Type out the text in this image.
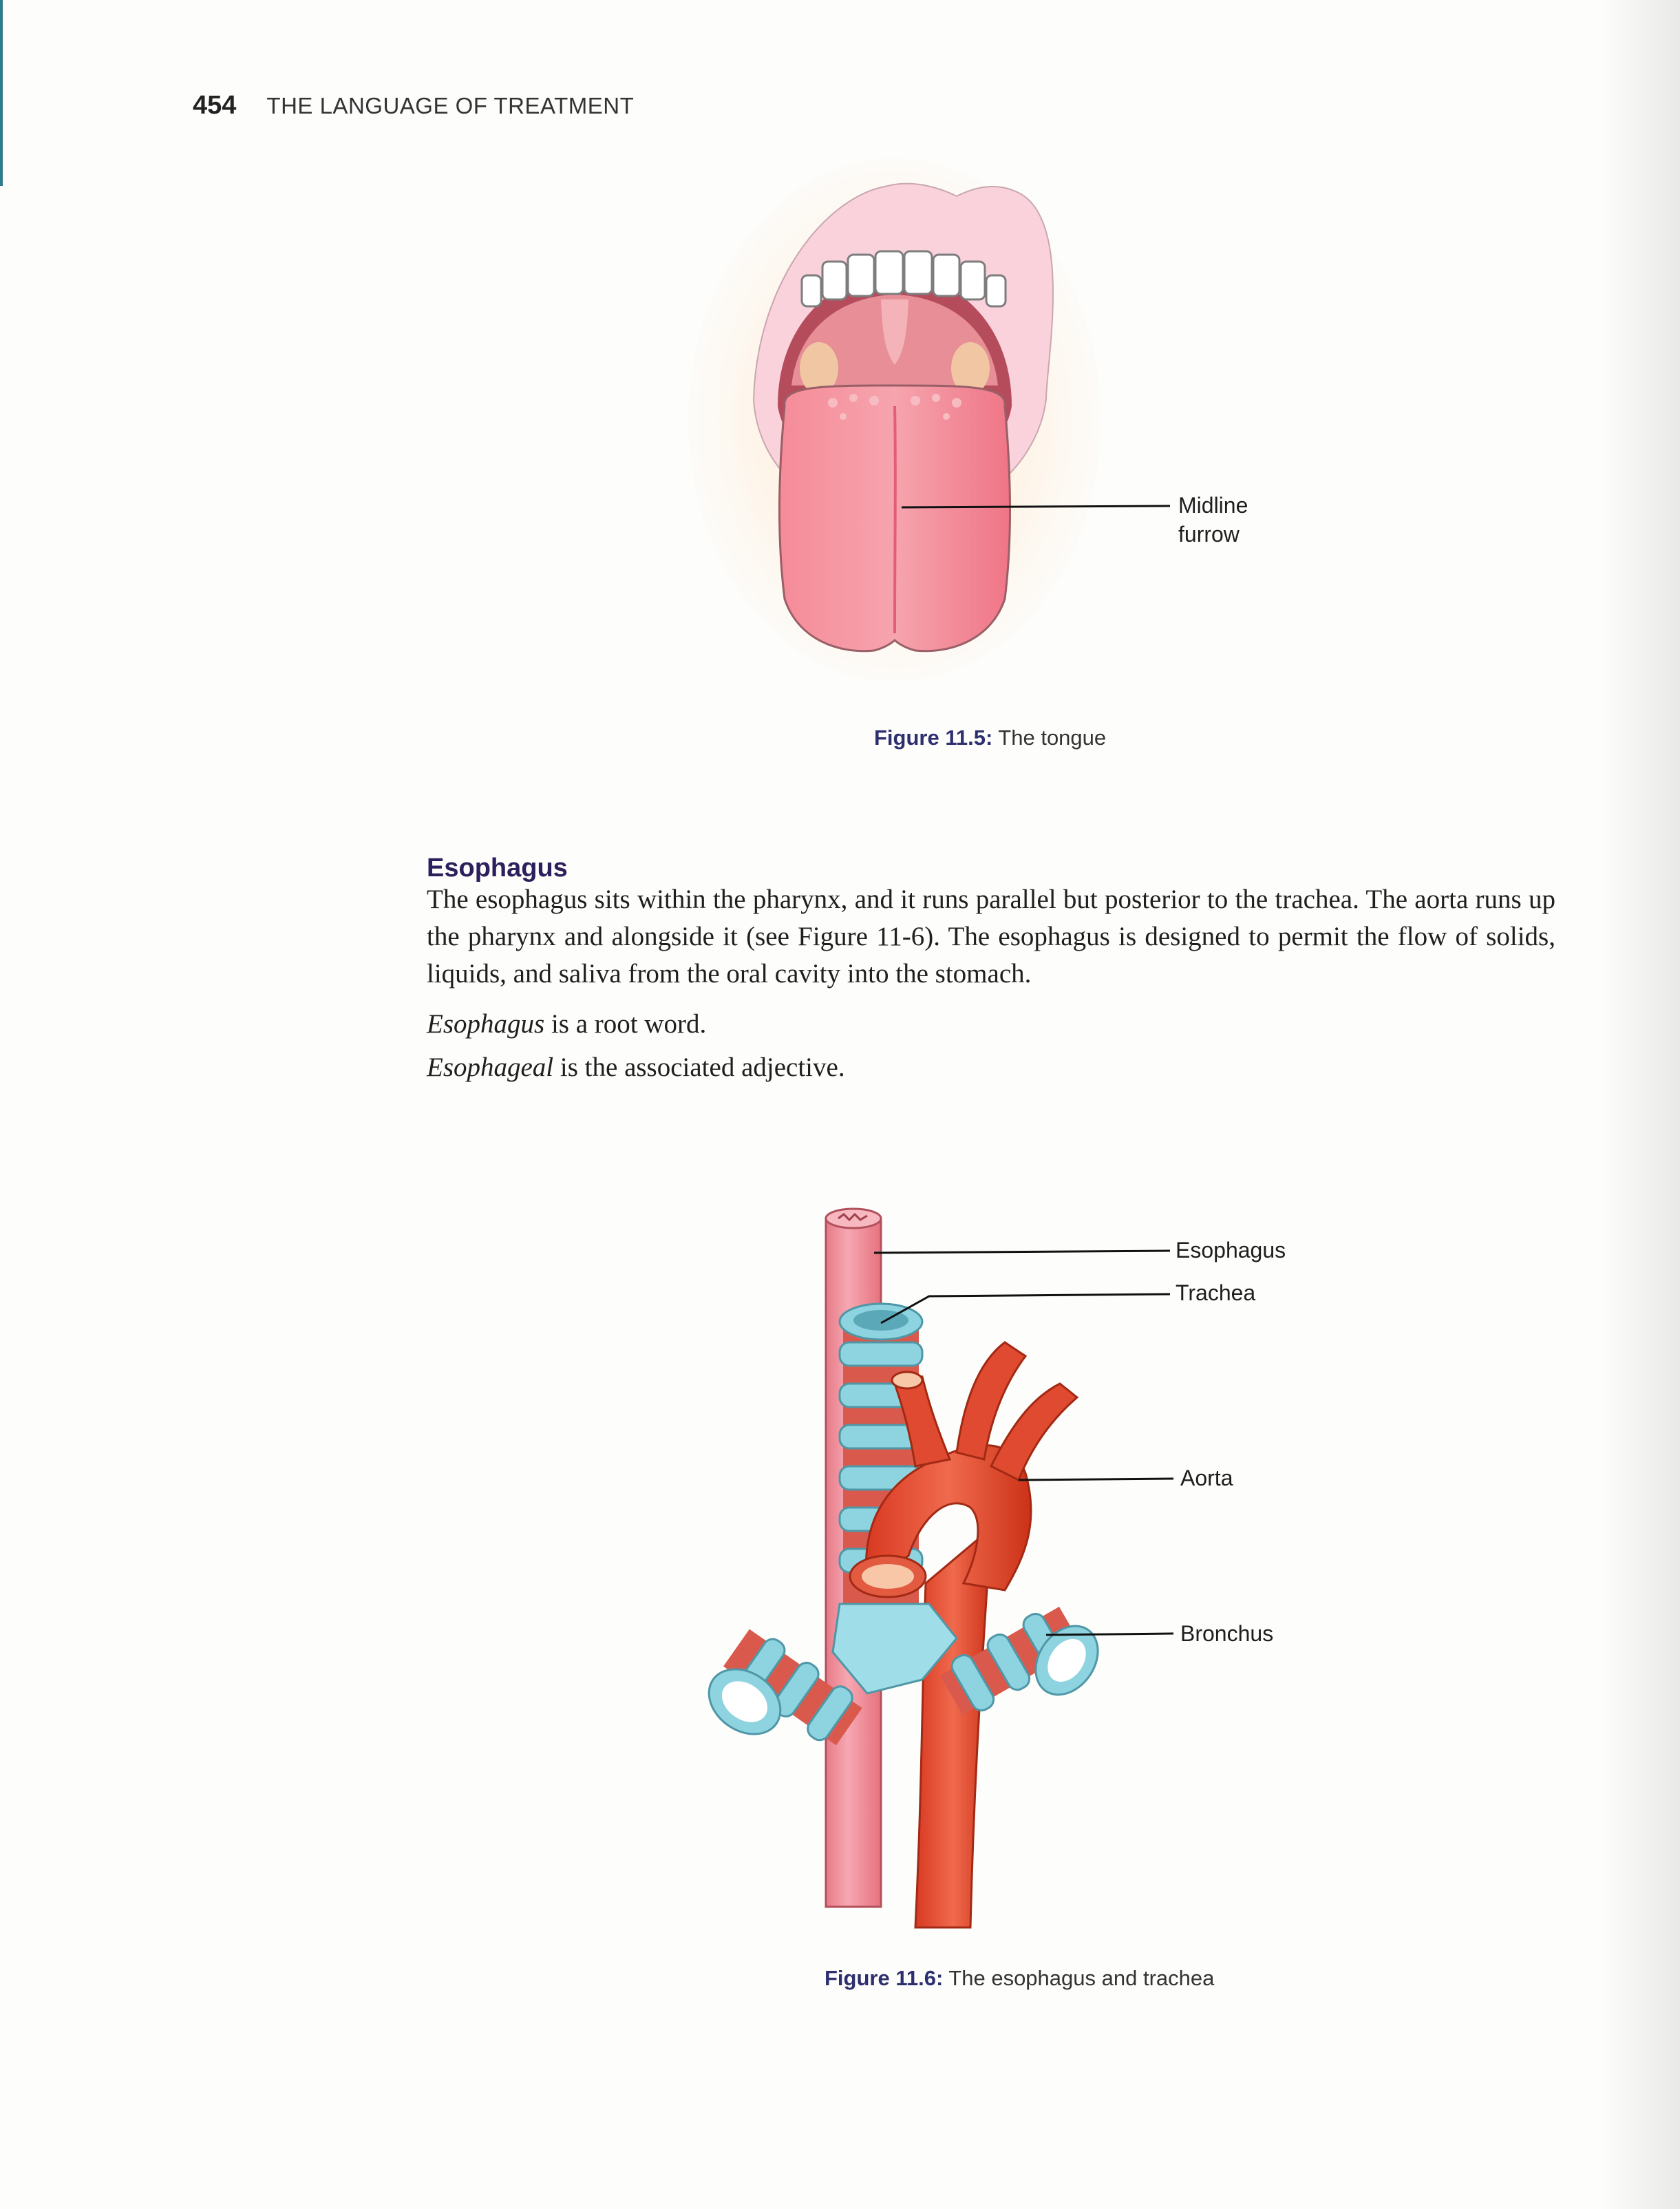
454 THE LANGUAGE OF TREATMENT
Midline
furrow
Figure 11.5: The tongue
Esophagus
The esophagus sits within the pharynx, and it runs parallel but posterior to the trachea. The aorta runs up the pharynx and alongside it (see Figure 11-6). The esophagus is designed to permit the flow of solids, liquids, and saliva from the oral cavity into the stomach.
Esophagus is a root word.
Esophageal is the associated adjective.
Esophagus
Trachea
Aorta
Bronchus
Figure 11.6: The esophagus and trachea
